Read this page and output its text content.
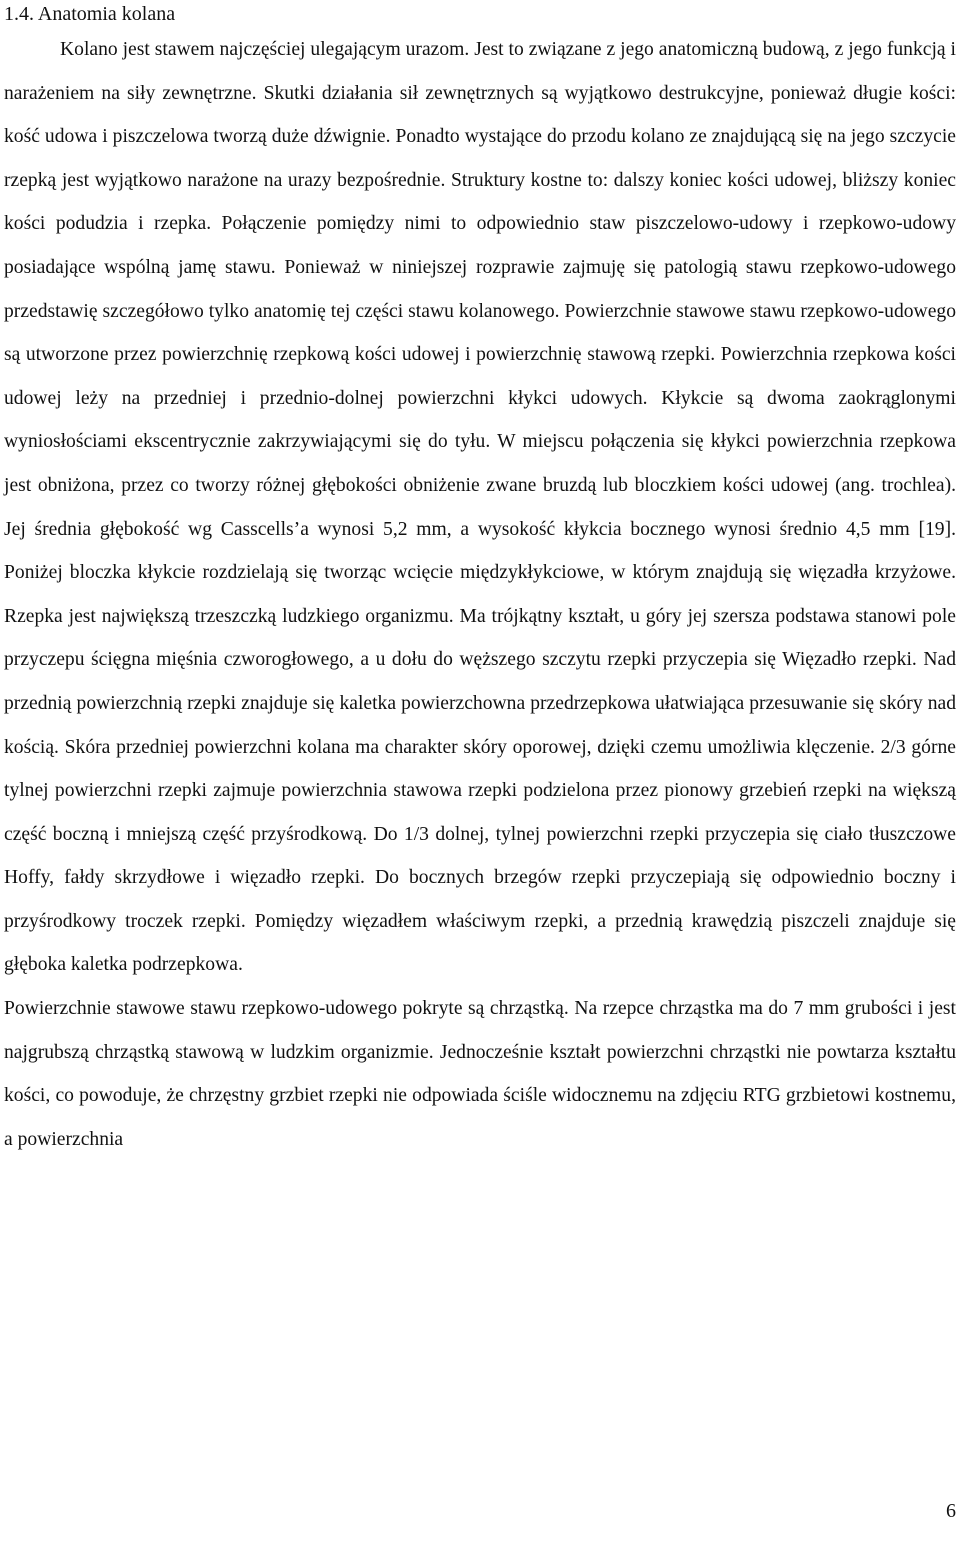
1.4. Anatomia kolana

Kolano jest stawem najczęściej ulegającym urazom. Jest to związane z jego anatomiczną budową, z jego funkcją i narażeniem na siły zewnętrzne. Skutki działania sił zewnętrznych są wyjątkowo destrukcyjne, ponieważ długie kości: kość udowa i piszczelowa tworzą duże dźwignie. Ponadto wystające do przodu kolano ze znajdującą się na jego szczycie rzepką jest wyjątkowo narażone na urazy bezpośrednie. Struktury kostne to: dalszy koniec kości udowej, bliższy koniec kości podudzia i rzepka. Połączenie pomiędzy nimi to odpowiednio staw piszczelowo-udowy i rzepkowo-udowy posiadające wspólną jamę stawu. Ponieważ w niniejszej rozprawie zajmuję się patologią stawu rzepkowo-udowego przedstawię szczegółowo tylko anatomię tej części stawu kolanowego. Powierzchnie stawowe stawu rzepkowo-udowego są utworzone przez powierzchnię rzepkową kości udowej i powierzchnię stawową rzepki. Powierzchnia rzepkowa kości udowej leży na przedniej i przednio-dolnej powierzchni kłykci udowych. Kłykcie są dwoma zaokrąglonymi wyniosłościami ekscentrycznie zakrzywiającymi się do tyłu. W miejscu połączenia się kłykci powierzchnia rzepkowa jest obniżona, przez co tworzy różnej głębokości obniżenie zwane bruzdą lub bloczkiem kości udowej (ang. trochlea). Jej średnia głębokość wg Casscells’a wynosi 5,2 mm, a wysokość kłykcia bocznego wynosi średnio 4,5 mm [19]. Poniżej bloczka kłykcie rozdzielają się tworząc wcięcie międzykłykciowe, w którym znajdują się więzadła krzyżowe. Rzepka jest największą trzeszczką ludzkiego organizmu. Ma trójkątny kształt, u góry jej szersza podstawa stanowi pole przyczepu ścięgna mięśnia czworogłowego, a u dołu do węższego szczytu rzepki przyczepia się Więzadło rzepki. Nad przednią powierzchnią rzepki znajduje się kaletka powierzchowna przedrzepkowa ułatwiająca przesuwanie się skóry nad kością. Skóra przedniej powierzchni kolana ma charakter skóry oporowej, dzięki czemu umożliwia klęczenie. 2/3 górne tylnej powierzchni rzepki zajmuje powierzchnia stawowa rzepki podzielona przez pionowy grzebień rzepki na większą część boczną i mniejszą część przyśrodkową. Do 1/3 dolnej, tylnej powierzchni rzepki przyczepia się ciało tłuszczowe Hoffy, fałdy skrzydłowe i więzadło rzepki. Do bocznych brzegów rzepki przyczepiają się odpowiednio boczny i przyśrodkowy troczek rzepki. Pomiędzy więzadłem właściwym rzepki, a przednią krawędzią piszczeli znajduje się głęboka kaletka podrzepkowa.

Powierzchnie stawowe stawu rzepkowo-udowego pokryte są chrząstką. Na rzepce chrząstka ma do 7 mm grubości i jest najgrubszą chrząstką stawową w ludzkim organizmie. Jednocześnie kształt powierzchni chrząstki nie powtarza kształtu kości, co powoduje, że chrzęstny grzbiet rzepki nie odpowiada ściśle widocznemu na zdjęciu RTG grzbietowi kostnemu, a powierzchnia

6
